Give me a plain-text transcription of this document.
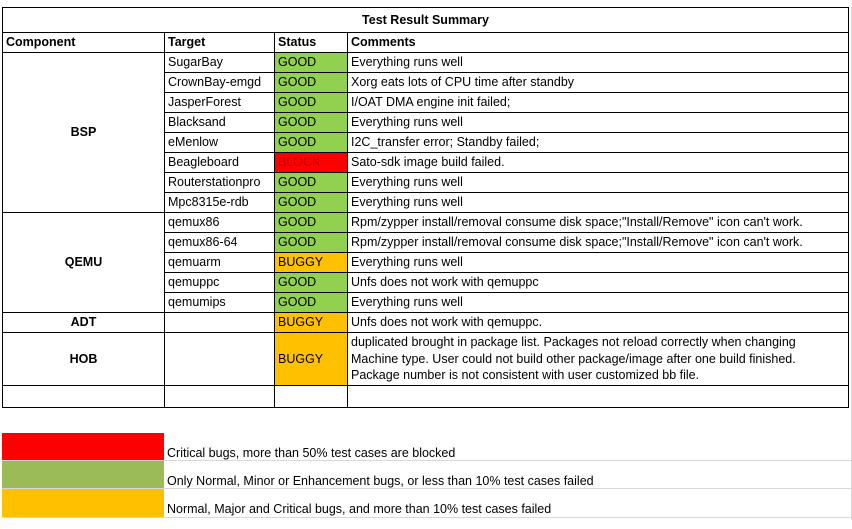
Test Result Summary			
Component	Target	Status	Comments
BSP	SugarBay	GOOD	Everything runs well
	CrownBay-emgd	GOOD	Xorg eats lots of CPU time after standby
	JasperForest	GOOD	I/OAT DMA engine init failed;
	Blacksand	GOOD	Everything runs well
	eMenlow	GOOD	I2C_transfer error; Standby failed;
	Beagleboard	BLOCK	Sato-sdk image build failed.
	Routerstationpro	GOOD	Everything runs well
	Mpc8315e-rdb	GOOD	Everything runs well
QEMU	qemux86	GOOD	Rpm/zypper install/removal consume disk space;"Install/Remove" icon can't work.
	qemux86-64	GOOD	Rpm/zypper install/removal consume disk space;"Install/Remove" icon can't work.
	qemuarm	BUGGY	Everything runs well
	qemuppc	GOOD	Unfs does not work with qemuppc
	qemumips	GOOD	Everything runs well
ADT		BUGGY	Unfs does not work with qemuppc.
HOB		BUGGY	duplicated brought in package list. Packages not reload correctly when changing Machine type. User could not build other package/image after one build finished. Package number is not consistent with user customized bb file.

Critical bugs, more than 50% test cases are blocked
Only Normal, Minor or Enhancement bugs, or less than 10% test cases failed
Normal, Major and Critical bugs, and more than 10% test cases failed
